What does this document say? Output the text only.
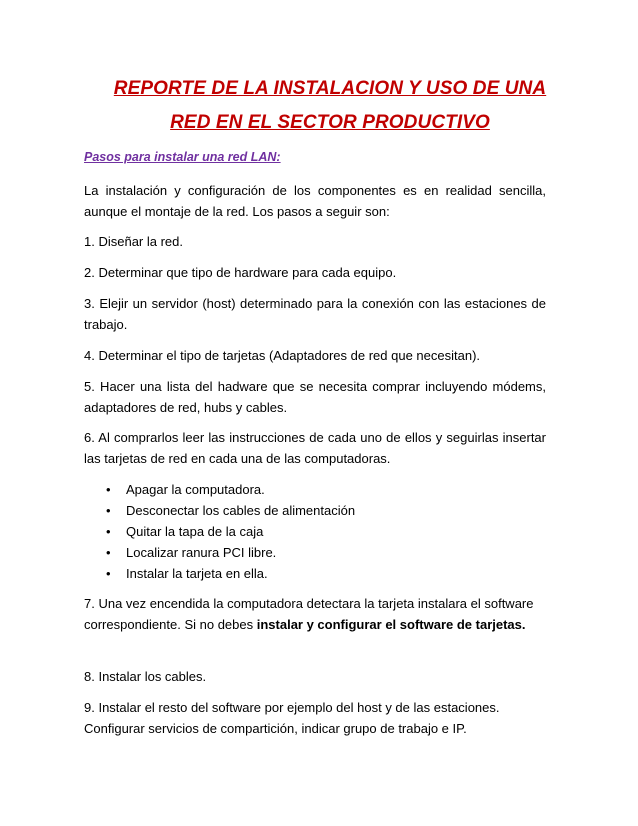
REPORTE DE LA INSTALACION Y USO DE UNA
RED EN EL SECTOR PRODUCTIVO
Pasos para instalar una red LAN:
La instalación y configuración de los componentes es en realidad sencilla, aunque el montaje de la red. Los pasos a seguir son:
1. Diseñar la red.
2. Determinar que tipo de hardware para cada equipo.
3. Elejir un servidor (host) determinado para la conexión con las estaciones de trabajo.
4. Determinar el tipo de tarjetas (Adaptadores de red que necesitan).
5. Hacer una lista del hadware que se necesita comprar incluyendo módems, adaptadores de red, hubs y cables.
6. Al comprarlos leer las instrucciones de cada uno de ellos y seguirlas insertar las tarjetas de red en cada una de las computadoras.
• Apagar la computadora.
• Desconectar los cables de alimentación
• Quitar la tapa de la caja
• Localizar ranura PCI libre.
• Instalar la tarjeta en ella.
7. Una vez encendida la computadora detectara la tarjeta instalara el software correspondiente. Si no debes instalar y configurar el software de tarjetas.
8. Instalar los cables.
9. Instalar el resto del software por ejemplo del host y de las estaciones.
Configurar servicios de compartición, indicar grupo de trabajo e IP.
